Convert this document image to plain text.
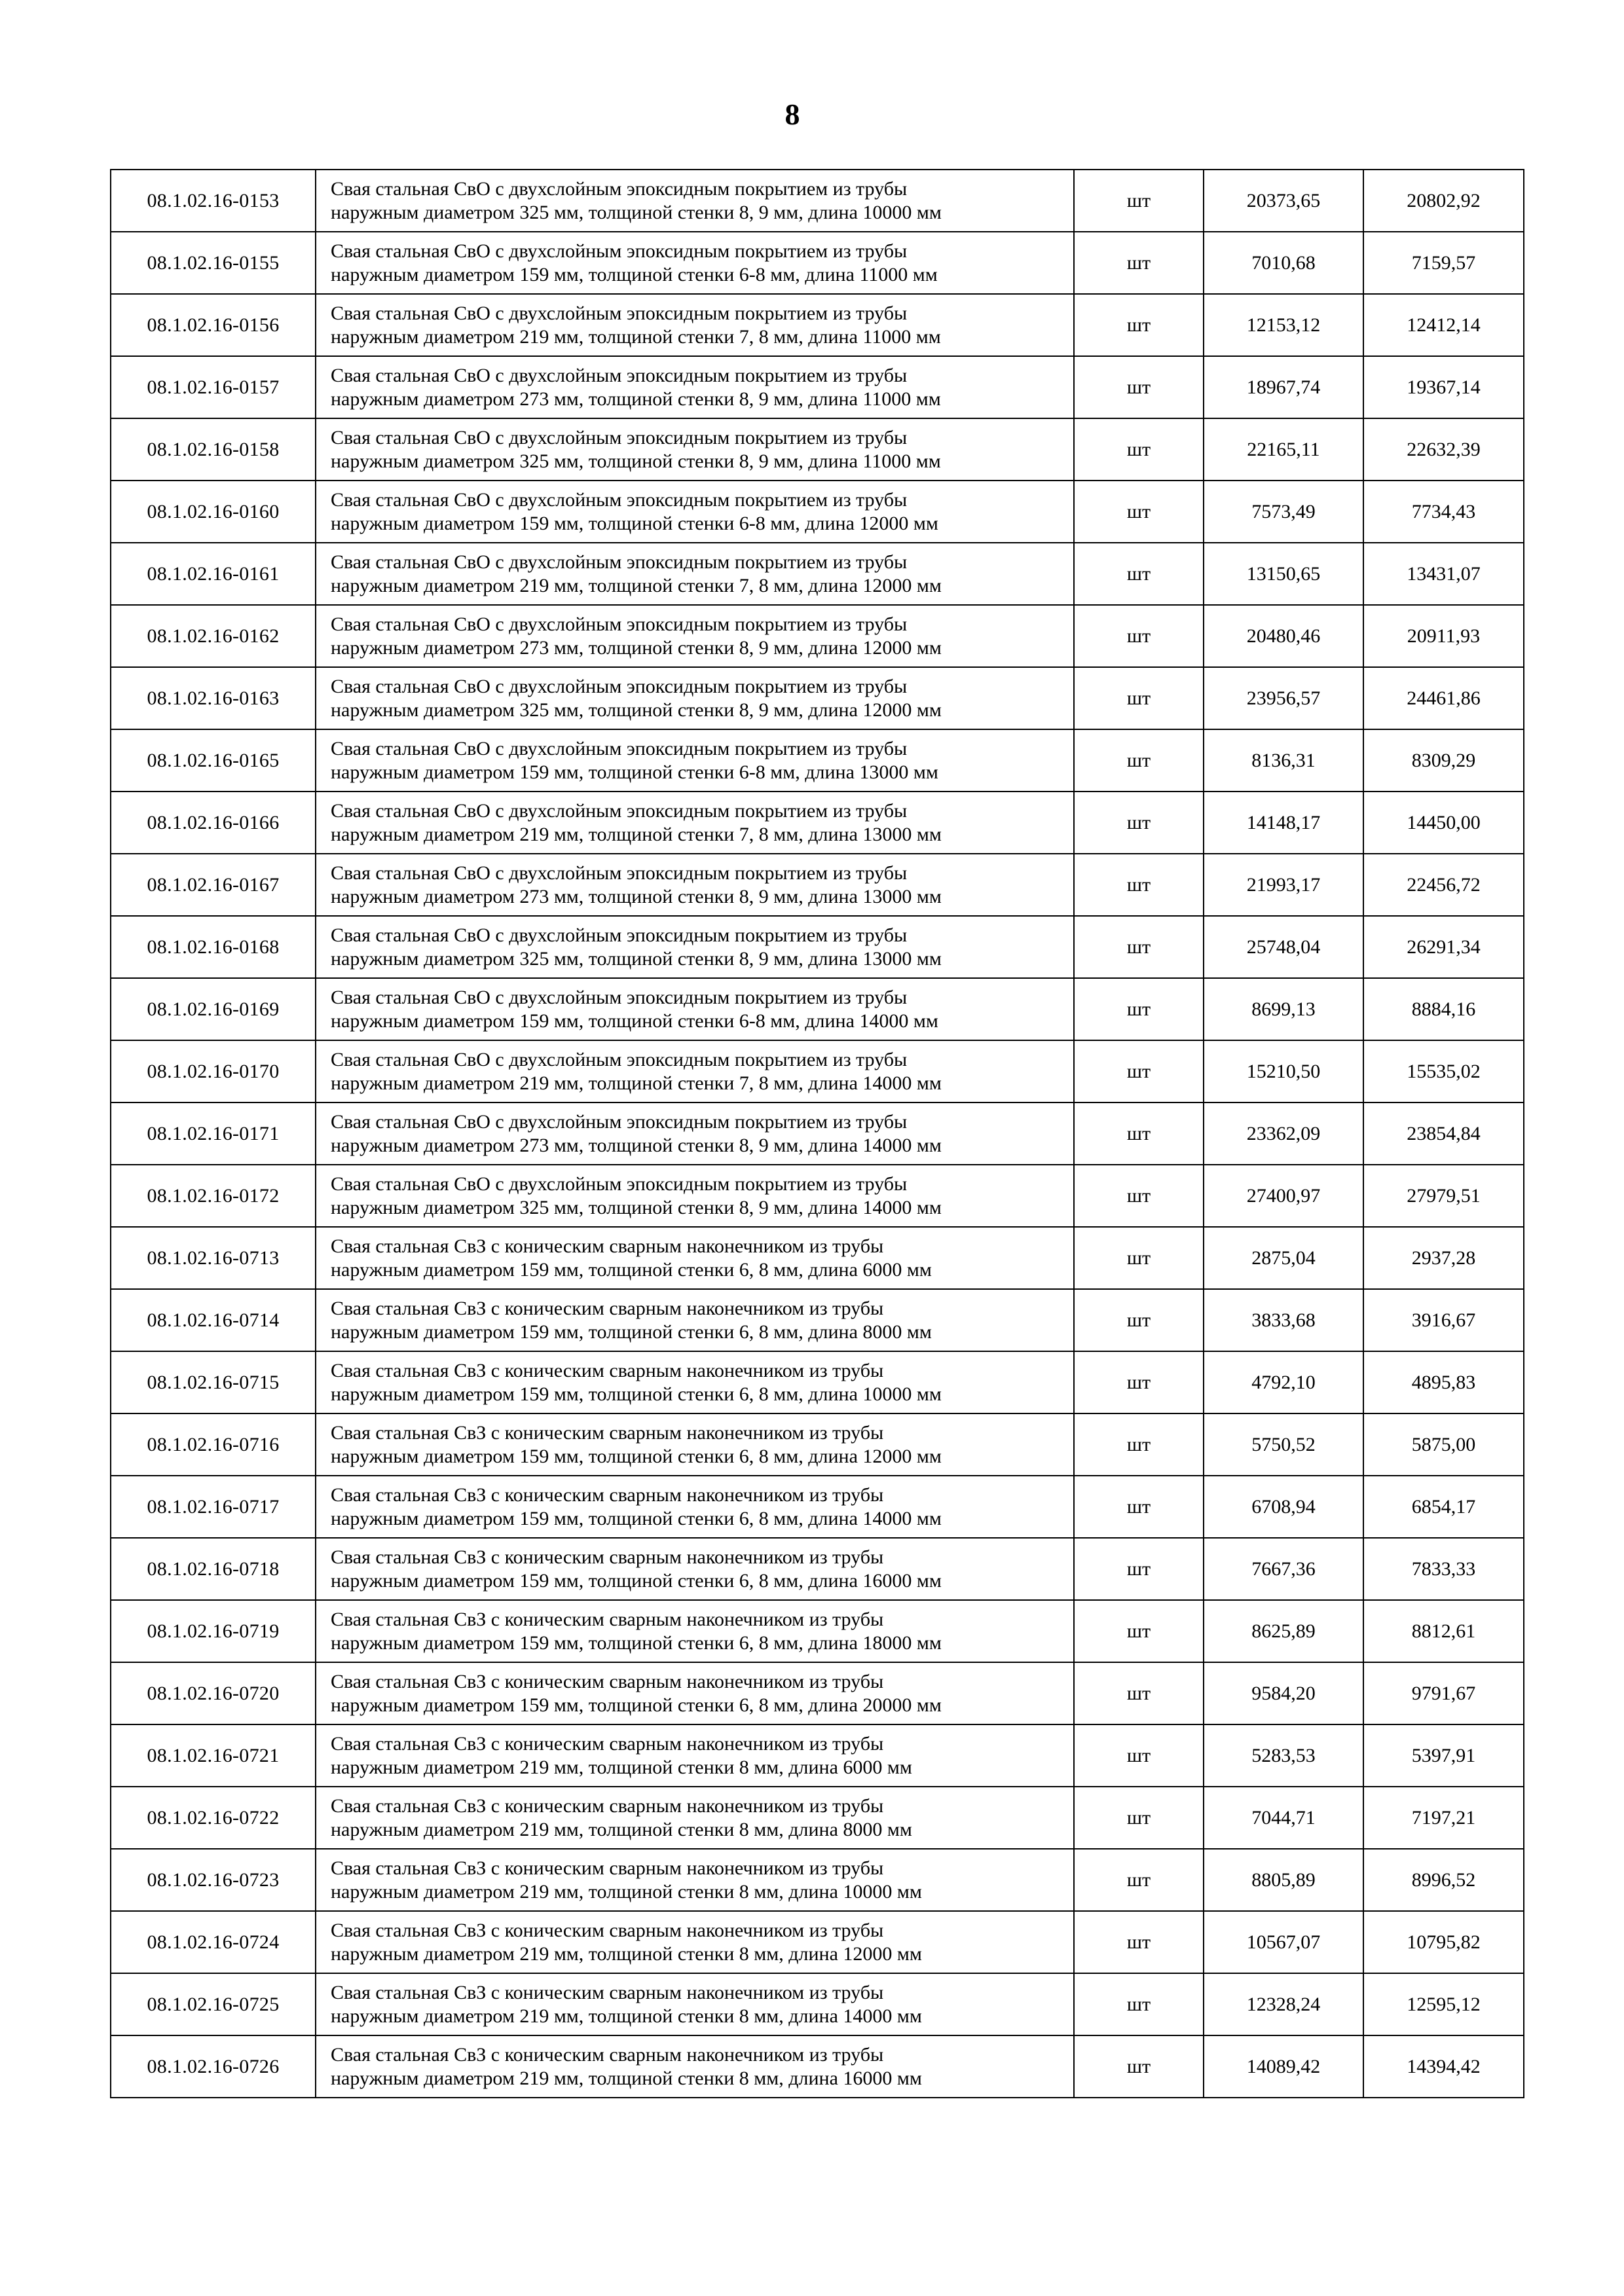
8
08.1.02.16-0153	Свая стальная СвО с двухслойным эпоксидным покрытием из трубы
наружным диаметром 325 мм, толщиной стенки 8, 9 мм, длина 10000 мм	шт	20373,65	20802,92
08.1.02.16-0155	Свая стальная СвО с двухслойным эпоксидным покрытием из трубы
наружным диаметром 159 мм, толщиной стенки 6-8 мм, длина 11000 мм	шт	7010,68	7159,57
08.1.02.16-0156	Свая стальная СвО с двухслойным эпоксидным покрытием из трубы
наружным диаметром 219 мм, толщиной стенки 7, 8 мм, длина 11000 мм	шт	12153,12	12412,14
08.1.02.16-0157	Свая стальная СвО с двухслойным эпоксидным покрытием из трубы
наружным диаметром 273 мм, толщиной стенки 8, 9 мм, длина 11000 мм	шт	18967,74	19367,14
08.1.02.16-0158	Свая стальная СвО с двухслойным эпоксидным покрытием из трубы
наружным диаметром 325 мм, толщиной стенки 8, 9 мм, длина 11000 мм	шт	22165,11	22632,39
08.1.02.16-0160	Свая стальная СвО с двухслойным эпоксидным покрытием из трубы
наружным диаметром 159 мм, толщиной стенки 6-8 мм, длина 12000 мм	шт	7573,49	7734,43
08.1.02.16-0161	Свая стальная СвО с двухслойным эпоксидным покрытием из трубы
наружным диаметром 219 мм, толщиной стенки 7, 8 мм, длина 12000 мм	шт	13150,65	13431,07
08.1.02.16-0162	Свая стальная СвО с двухслойным эпоксидным покрытием из трубы
наружным диаметром 273 мм, толщиной стенки 8, 9 мм, длина 12000 мм	шт	20480,46	20911,93
08.1.02.16-0163	Свая стальная СвО с двухслойным эпоксидным покрытием из трубы
наружным диаметром 325 мм, толщиной стенки 8, 9 мм, длина 12000 мм	шт	23956,57	24461,86
08.1.02.16-0165	Свая стальная СвО с двухслойным эпоксидным покрытием из трубы
наружным диаметром 159 мм, толщиной стенки 6-8 мм, длина 13000 мм	шт	8136,31	8309,29
08.1.02.16-0166	Свая стальная СвО с двухслойным эпоксидным покрытием из трубы
наружным диаметром 219 мм, толщиной стенки 7, 8 мм, длина 13000 мм	шт	14148,17	14450,00
08.1.02.16-0167	Свая стальная СвО с двухслойным эпоксидным покрытием из трубы
наружным диаметром 273 мм, толщиной стенки 8, 9 мм, длина 13000 мм	шт	21993,17	22456,72
08.1.02.16-0168	Свая стальная СвО с двухслойным эпоксидным покрытием из трубы
наружным диаметром 325 мм, толщиной стенки 8, 9 мм, длина 13000 мм	шт	25748,04	26291,34
08.1.02.16-0169	Свая стальная СвО с двухслойным эпоксидным покрытием из трубы
наружным диаметром 159 мм, толщиной стенки 6-8 мм, длина 14000 мм	шт	8699,13	8884,16
08.1.02.16-0170	Свая стальная СвО с двухслойным эпоксидным покрытием из трубы
наружным диаметром 219 мм, толщиной стенки 7, 8 мм, длина 14000 мм	шт	15210,50	15535,02
08.1.02.16-0171	Свая стальная СвО с двухслойным эпоксидным покрытием из трубы
наружным диаметром 273 мм, толщиной стенки 8, 9 мм, длина 14000 мм	шт	23362,09	23854,84
08.1.02.16-0172	Свая стальная СвО с двухслойным эпоксидным покрытием из трубы
наружным диаметром 325 мм, толщиной стенки 8, 9 мм, длина 14000 мм	шт	27400,97	27979,51
08.1.02.16-0713	Свая стальная СвЗ с коническим сварным наконечником из трубы
наружным диаметром 159 мм, толщиной стенки 6, 8 мм, длина 6000 мм	шт	2875,04	2937,28
08.1.02.16-0714	Свая стальная СвЗ с коническим сварным наконечником из трубы
наружным диаметром 159 мм, толщиной стенки 6, 8 мм, длина 8000 мм	шт	3833,68	3916,67
08.1.02.16-0715	Свая стальная СвЗ с коническим сварным наконечником из трубы
наружным диаметром 159 мм, толщиной стенки 6, 8 мм, длина 10000 мм	шт	4792,10	4895,83
08.1.02.16-0716	Свая стальная СвЗ с коническим сварным наконечником из трубы
наружным диаметром 159 мм, толщиной стенки 6, 8 мм, длина 12000 мм	шт	5750,52	5875,00
08.1.02.16-0717	Свая стальная СвЗ с коническим сварным наконечником из трубы
наружным диаметром 159 мм, толщиной стенки 6, 8 мм, длина 14000 мм	шт	6708,94	6854,17
08.1.02.16-0718	Свая стальная СвЗ с коническим сварным наконечником из трубы
наружным диаметром 159 мм, толщиной стенки 6, 8 мм, длина 16000 мм	шт	7667,36	7833,33
08.1.02.16-0719	Свая стальная СвЗ с коническим сварным наконечником из трубы
наружным диаметром 159 мм, толщиной стенки 6, 8 мм, длина 18000 мм	шт	8625,89	8812,61
08.1.02.16-0720	Свая стальная СвЗ с коническим сварным наконечником из трубы
наружным диаметром 159 мм, толщиной стенки 6, 8 мм, длина 20000 мм	шт	9584,20	9791,67
08.1.02.16-0721	Свая стальная СвЗ с коническим сварным наконечником из трубы
наружным диаметром 219 мм, толщиной стенки 8 мм, длина 6000 мм	шт	5283,53	5397,91
08.1.02.16-0722	Свая стальная СвЗ с коническим сварным наконечником из трубы
наружным диаметром 219 мм, толщиной стенки 8 мм, длина 8000 мм	шт	7044,71	7197,21
08.1.02.16-0723	Свая стальная СвЗ с коническим сварным наконечником из трубы
наружным диаметром 219 мм, толщиной стенки 8 мм, длина 10000 мм	шт	8805,89	8996,52
08.1.02.16-0724	Свая стальная СвЗ с коническим сварным наконечником из трубы
наружным диаметром 219 мм, толщиной стенки 8 мм, длина 12000 мм	шт	10567,07	10795,82
08.1.02.16-0725	Свая стальная СвЗ с коническим сварным наконечником из трубы
наружным диаметром 219 мм, толщиной стенки 8 мм, длина 14000 мм	шт	12328,24	12595,12
08.1.02.16-0726	Свая стальная СвЗ с коническим сварным наконечником из трубы
наружным диаметром 219 мм, толщиной стенки 8 мм, длина 16000 мм	шт	14089,42	14394,42
